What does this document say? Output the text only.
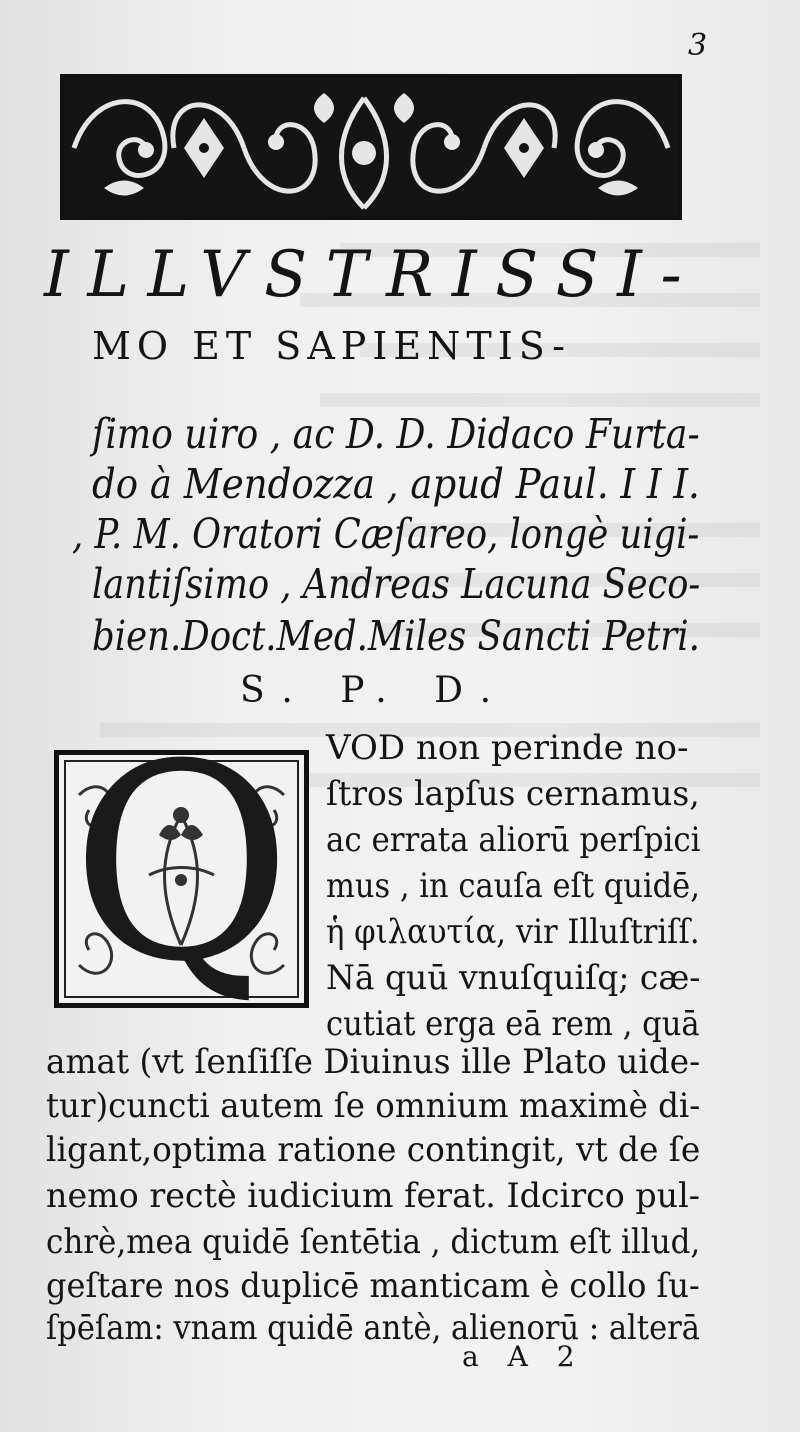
3
ILLVSTRISSI-
MO ET SAPIENTIS-
ſimo uiro , ac D. D. Didaco Furta-
do à Mendozza , apud Paul. I I I.
, P. M. Oratori Cæſareo, longè uigi-
lantiſsimo , Andreas Lacuna Seco-
bien.Doct.Med.Miles Sancti Petri.
S. P. D.
Q VOD non perinde no-
ſtros lapſus cernamus,
ac errata aliorū perſpici
mus , in cauſa eſt quidē,
ἡ φιλαυτία, vir Illuſtriſſ.
Nā quū vnuſquiſq; cæ-
cutiat erga eā rem , quā
amat (vt ſenſiſſe Diuinus ille Plato uide-
tur)cuncti autem ſe omnium maximè di-
ligant,optima ratione contingit, vt de ſe
nemo rectè iudicium ferat. Idcirco pul-
chrè,mea quidē ſentētia , dictum eſt illud,
geſtare nos duplicē manticam è collo ſu-
ſpēſam: vnam quidē antè, alienorū : alterā
a A 2
